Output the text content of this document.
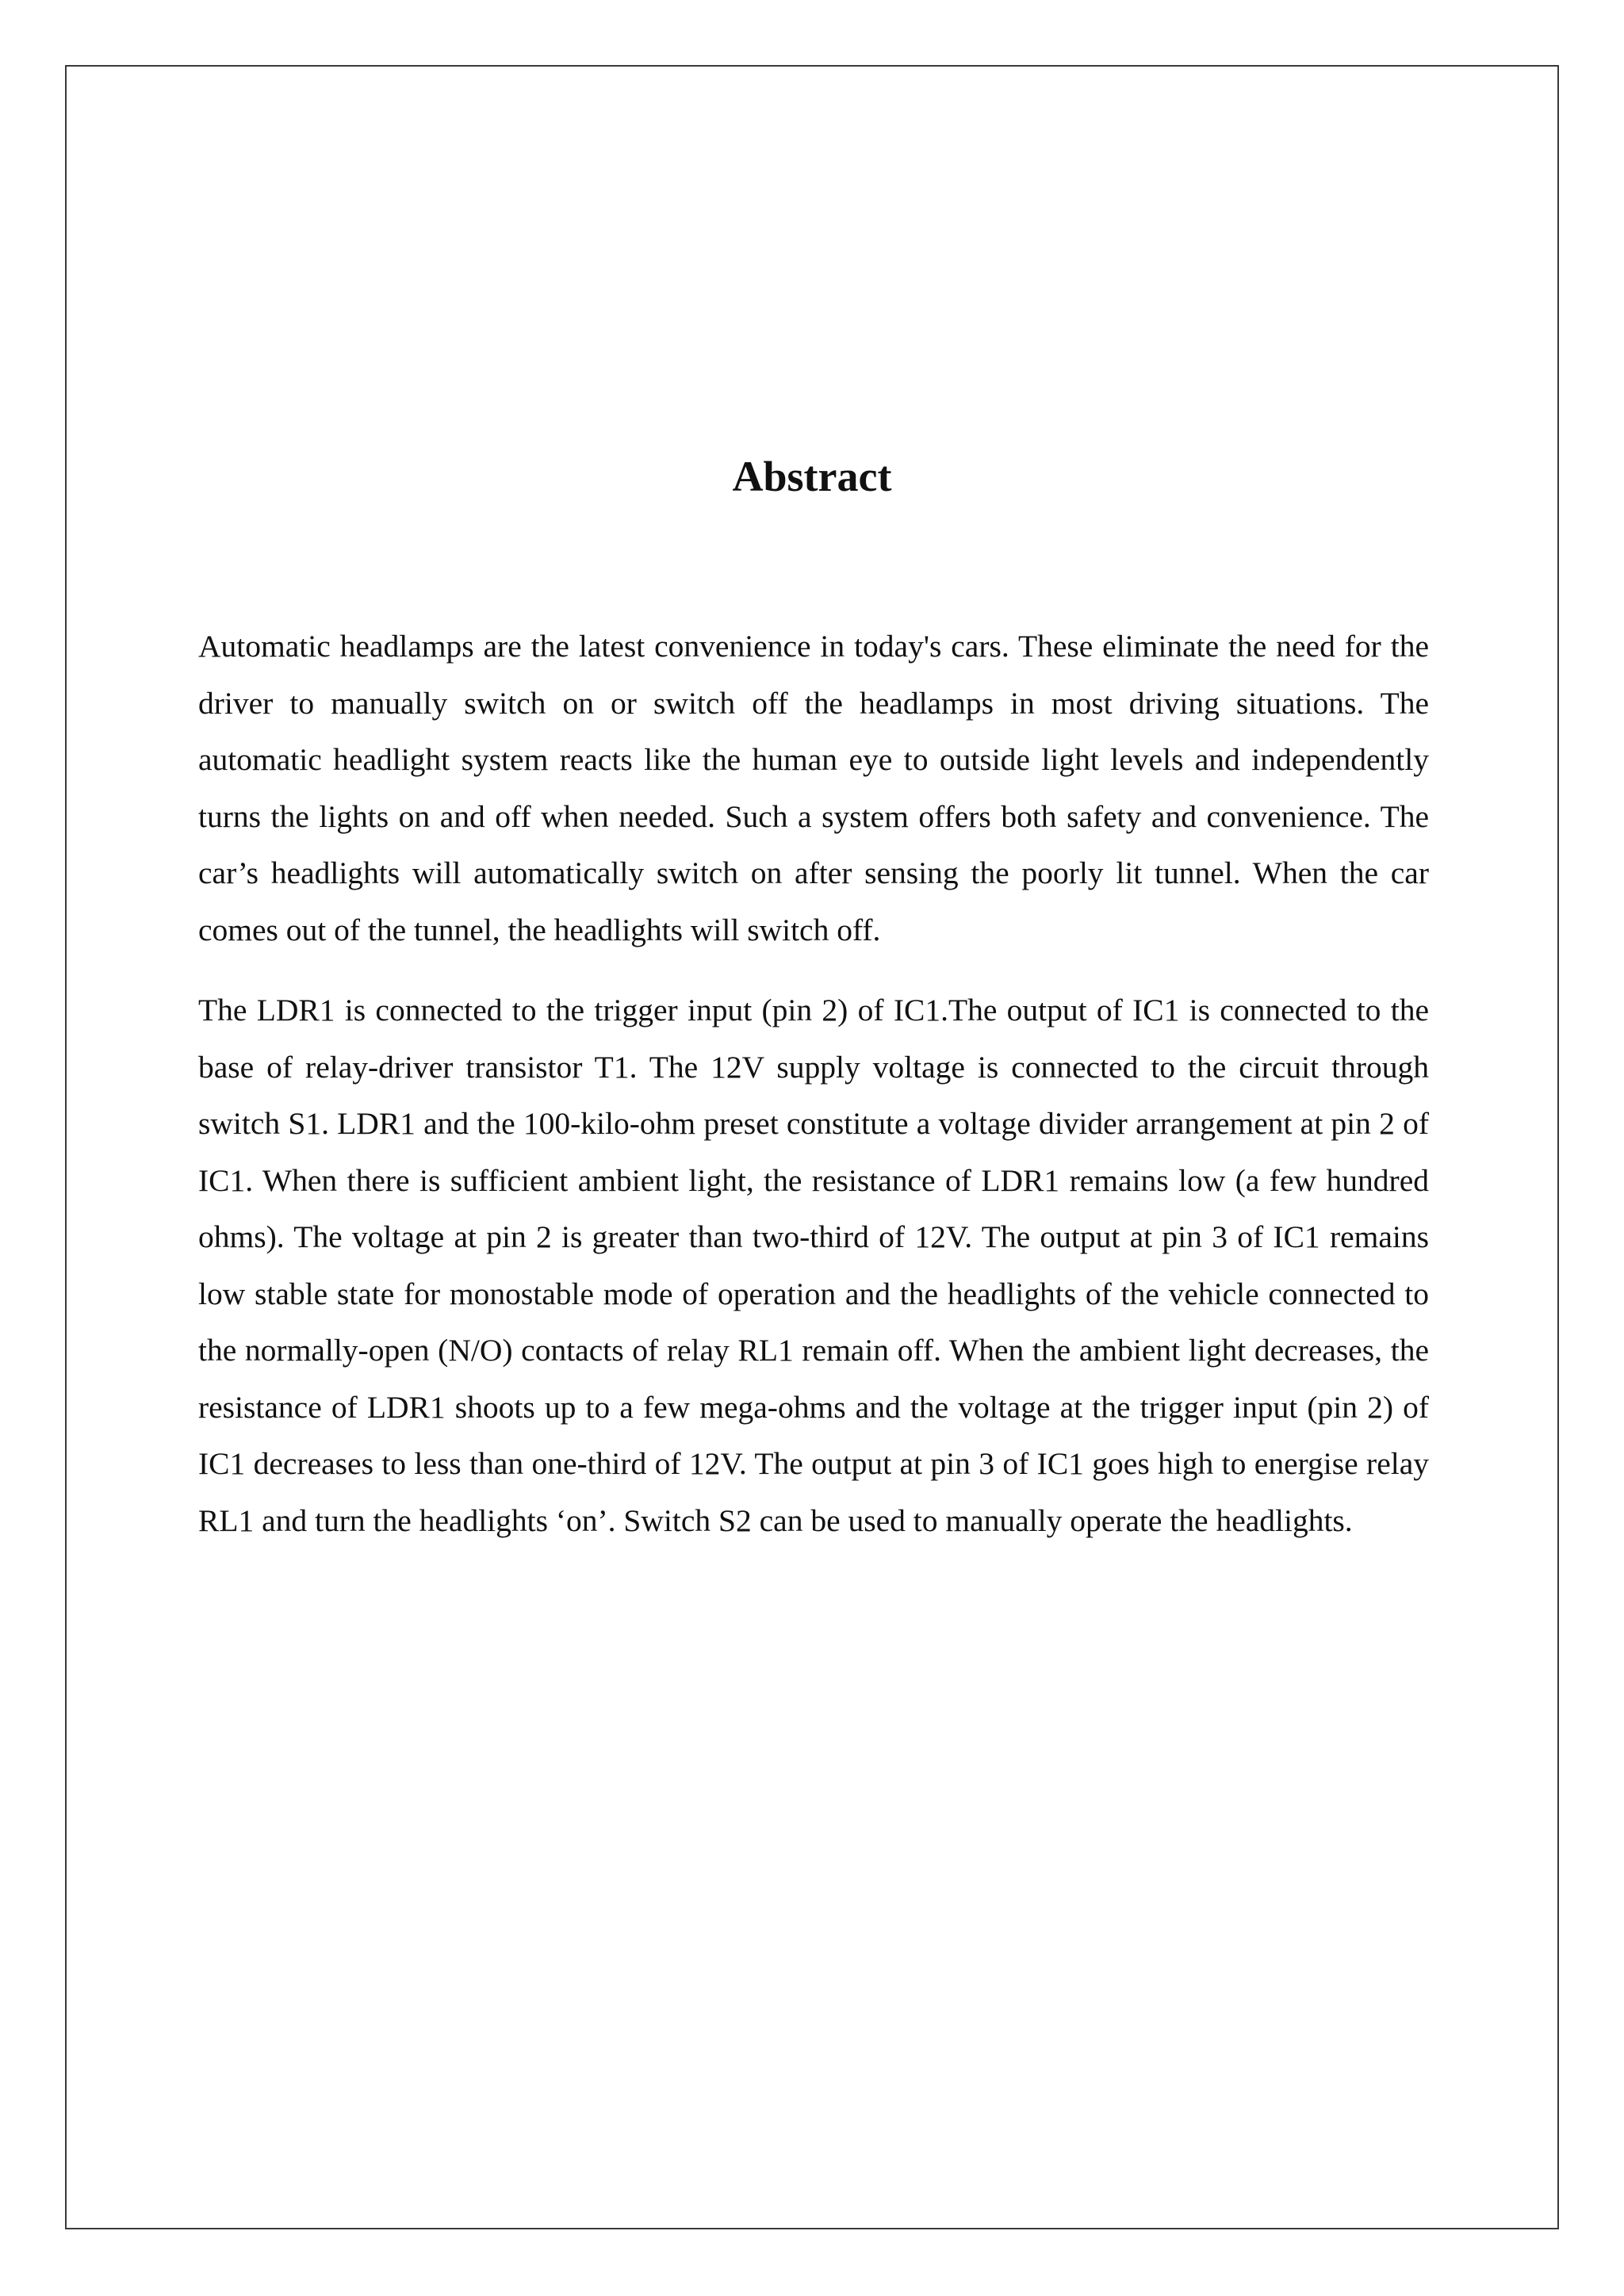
Abstract

Automatic headlamps are the latest convenience in today's cars. These eliminate the need for the driver to manually switch on or switch off the headlamps in most driving situations. The automatic headlight system reacts like the human eye to outside light levels and independently turns the lights on and off when needed. Such a system offers both safety and convenience. The car’s headlights will automatically switch on after sensing the poorly lit tunnel. When the car comes out of the tunnel, the headlights will switch off.

The LDR1 is connected to the trigger input (pin 2) of IC1.The output of IC1 is connected to the base of relay-driver transistor T1. The 12V supply voltage is connected to the circuit through switch S1. LDR1 and the 100-kilo-ohm preset constitute a voltage divider arrangement at pin 2 of IC1. When there is sufficient ambient light, the resistance of LDR1 remains low (a few hundred ohms). The voltage at pin 2 is greater than two-third of 12V. The output at pin 3 of IC1 remains low stable state for monostable mode of operation and the headlights of the vehicle connected to the normally-open (N/O) contacts of relay RL1 remain off. When the ambient light decreases, the resistance of LDR1 shoots up to a few mega-ohms and the voltage at the trigger input (pin 2) of IC1 decreases to less than one-third of 12V. The output at pin 3 of IC1 goes high to energise relay RL1 and turn the headlights ‘on’. Switch S2 can be used to manually operate the headlights.
